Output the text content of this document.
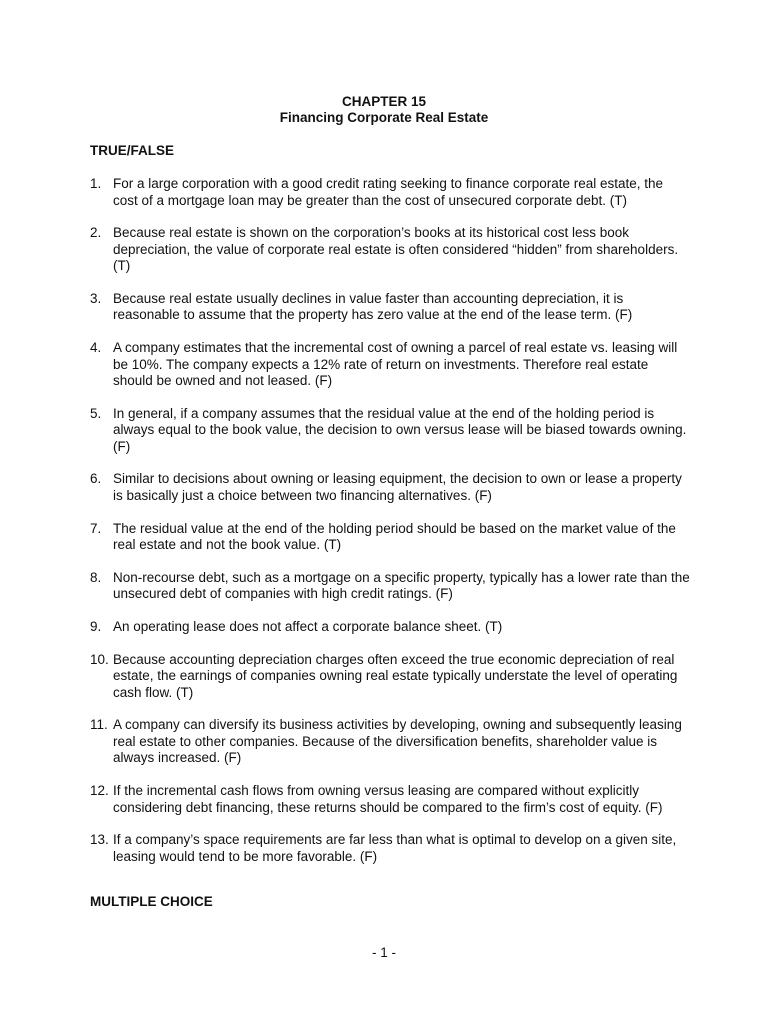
CHAPTER 15
Financing Corporate Real Estate
TRUE/FALSE
1. For a large corporation with a good credit rating seeking to finance corporate real estate, the cost of a mortgage loan may be greater than the cost of unsecured corporate debt. (T)
2. Because real estate is shown on the corporation’s books at its historical cost less book depreciation, the value of corporate real estate is often considered “hidden” from shareholders. (T)
3. Because real estate usually declines in value faster than accounting depreciation, it is reasonable to assume that the property has zero value at the end of the lease term. (F)
4. A company estimates that the incremental cost of owning a parcel of real estate vs. leasing will be 10%. The company expects a 12% rate of return on investments. Therefore real estate should be owned and not leased. (F)
5. In general, if a company assumes that the residual value at the end of the holding period is always equal to the book value, the decision to own versus lease will be biased towards owning. (F)
6. Similar to decisions about owning or leasing equipment, the decision to own or lease a property is basically just a choice between two financing alternatives. (F)
7. The residual value at the end of the holding period should be based on the market value of the real estate and not the book value. (T)
8. Non-recourse debt, such as a mortgage on a specific property, typically has a lower rate than the unsecured debt of companies with high credit ratings. (F)
9. An operating lease does not affect a corporate balance sheet. (T)
10. Because accounting depreciation charges often exceed the true economic depreciation of real estate, the earnings of companies owning real estate typically understate the level of operating cash flow. (T)
11. A company can diversify its business activities by developing, owning and subsequently leasing real estate to other companies. Because of the diversification benefits, shareholder value is always increased. (F)
12. If the incremental cash flows from owning versus leasing are compared without explicitly considering debt financing, these returns should be compared to the firm’s cost of equity. (F)
13. If a company’s space requirements are far less than what is optimal to develop on a given site, leasing would tend to be more favorable. (F)
MULTIPLE CHOICE
- 1 -
